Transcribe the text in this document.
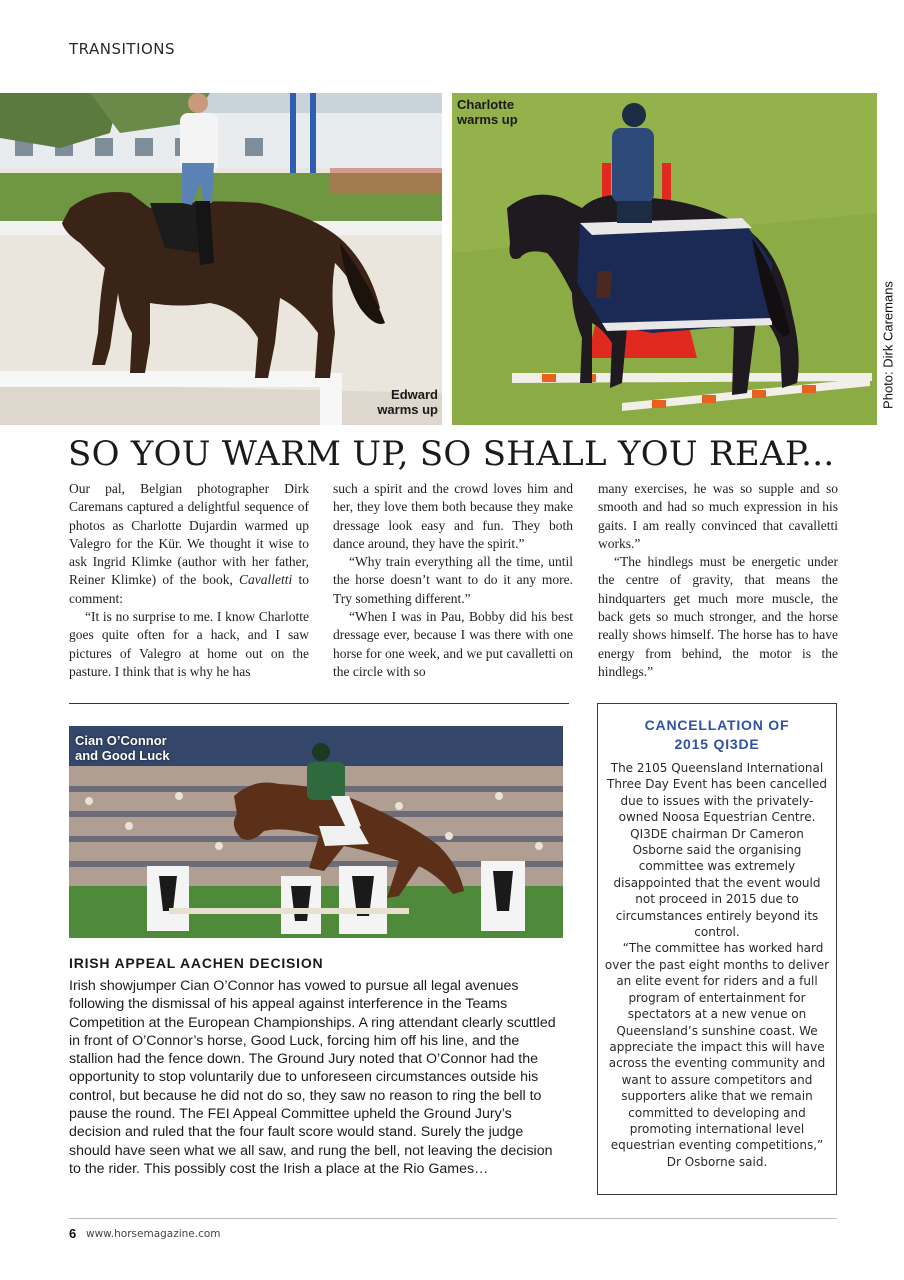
TRANSITIONS
Edward
warms up
Charlotte
warms up
Photo: Dirk Caremans
SO YOU WARM UP, SO SHALL YOU REAP...

Our pal, Belgian photographer Dirk Caremans captured a delightful sequence of photos as Charlotte Dujardin warmed up Valegro for the Kür. We thought it wise to ask Ingrid Klimke (author with her father, Reiner Klimke) of the book, Cavalletti to comment:

“It is no surprise to me. I know Charlotte goes quite often for a hack, and I saw pictures of Valegro at home out on the pasture. I think that is why he has

such a spirit and the crowd loves him and her, they love them both because they make dressage look easy and fun. They both dance around, they have the spirit.”

“Why train everything all the time, until the horse doesn’t want to do it any more. Try something different.”

“When I was in Pau, Bobby did his best dressage ever, because I was there with one horse for one week, and we put cavalletti on the circle with so

many exercises, he was so supple and so smooth and had so much expression in his gaits. I am really convinced that cavalletti works.”

“The hindlegs must be energetic under the centre of gravity, that means the hindquarters get much more muscle, the back gets so much stronger, and the horse really shows himself. The horse has to have energy from behind, the motor is the hindlegs.”

Cian O’Connor
and Good Luck
IRISH APPEAL AACHEN DECISION

Irish showjumper Cian O’Connor has vowed to pursue all legal avenues following the dismissal of his appeal against interference in the Teams Competition at the European Championships. A ring attendant clearly scuttled in front of O’Connor’s horse, Good Luck, forcing him off his line, and the stallion had the fence down. The Ground Jury noted that O’Connor had the opportunity to stop voluntarily due to unforeseen circumstances outside his control, but because he did not do so, they saw no reason to ring the bell to pause the round. The FEI Appeal Committee upheld the Ground Jury’s decision and ruled that the four fault score would stand. Surely the judge should have seen what we all saw, and rung the bell, not leaving the decision to the rider. This possibly cost the Irish a place at the Rio Games…

CANCELLATION OF
2015 QI3DE

The 2105 Queensland International Three Day Event has been cancelled due to issues with the privately-owned Noosa Equestrian Centre. QI3DE chairman Dr Cameron Osborne said the organising committee was extremely disappointed that the event would not proceed in 2015 due to circumstances entirely beyond its control.

“The committee has worked hard over the past eight months to deliver an elite event for riders and a full program of entertainment for spectators at a new venue on Queensland’s sunshine coast. We appreciate the impact this will have across the eventing community and want to assure competitors and supporters alike that we remain committed to developing and promoting international level equestrian eventing competitions,” Dr Osborne said.

6 www.horsemagazine.com
